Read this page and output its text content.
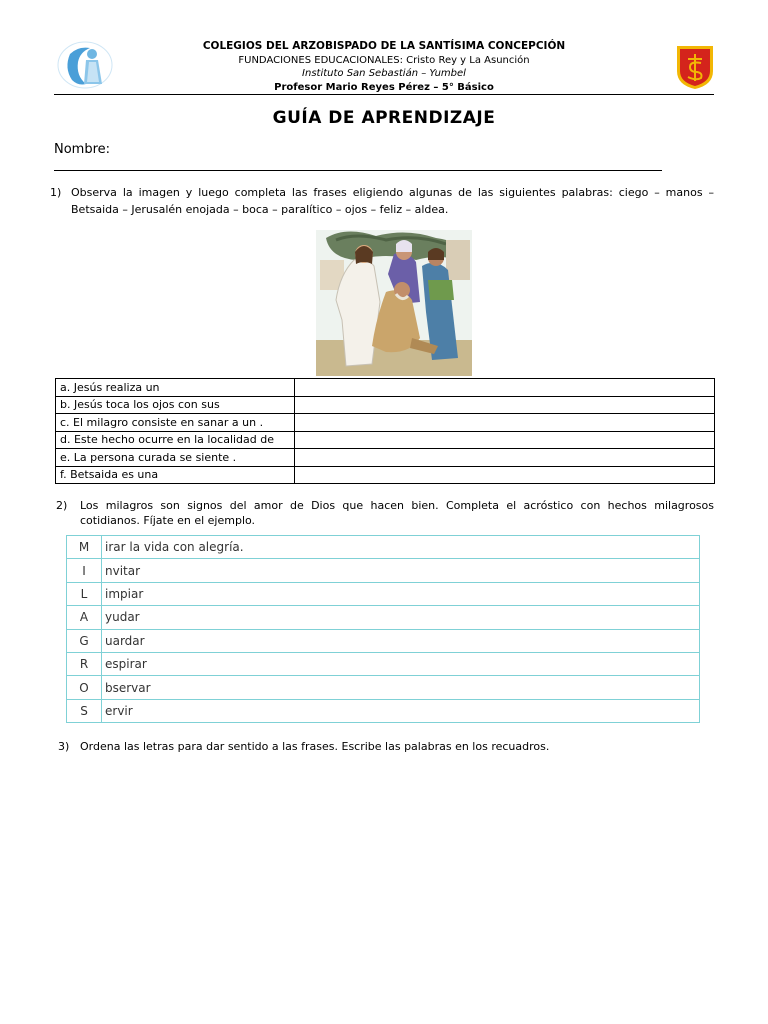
COLEGIOS DEL ARZOBISPADO DE LA SANTÍSIMA CONCEPCIÓN
FUNDACIONES EDUCACIONALES: Cristo Rey y La Asunción
Instituto San Sebastián – Yumbel
Profesor Mario Reyes Pérez – 5° Básico
GUÍA DE APRENDIZAJE
Nombre:
1) Observa la imagen y luego completa las frases eligiendo algunas de las siguientes palabras: ciego – manos – Betsaida – Jerusalén enojada – boca – paralítico – ojos – feliz – aldea.
a. Jesús realiza un	
b. Jesús toca los ojos con sus	
c. El milagro consiste en sanar a un .	
d. Este hecho ocurre en la localidad de	
e. La persona curada se siente .	
f. Betsaida es una	
2) Los milagros son signos del amor de Dios que hacen bien. Completa el acróstico con hechos milagrosos cotidianos. Fíjate en el ejemplo.
M	irar la vida con alegría.
I	nvitar
L	impiar
A	yudar
G	uardar
R	espirar
O	bservar
S	ervir
3) Ordena las letras para dar sentido a las frases. Escribe las palabras en los recuadros.
